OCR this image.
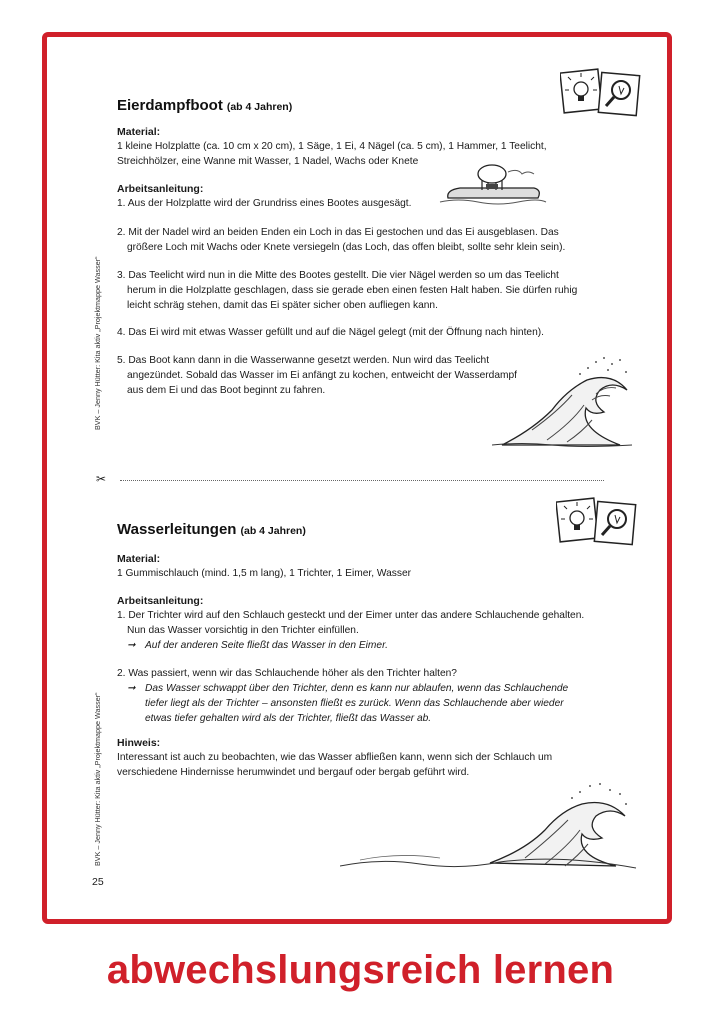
Eierdampfboot (ab 4 Jahren)
Material:
1 kleine Holzplatte (ca. 10 cm x 20 cm), 1 Säge, 1 Ei, 4 Nägel (ca. 5 cm), 1 Hammer, 1 Teelicht,
Streichhölzer, eine Wanne mit Wasser, 1 Nadel, Wachs oder Knete
Arbeitsanleitung:
1. Aus der Holzplatte wird der Grundriss eines Bootes ausgesägt.
2. Mit der Nadel wird an beiden Enden ein Loch in das Ei gestochen und das Ei ausgeblasen. Das
größere Loch mit Wachs oder Knete versiegeln (das Loch, das offen bleibt, sollte sehr klein sein).
3. Das Teelicht wird nun in die Mitte des Bootes gestellt. Die vier Nägel werden so um das Teelicht
herum in die Holzplatte geschlagen, dass sie gerade eben einen festen Halt haben. Sie dürfen ruhig
leicht schräg stehen, damit das Ei später sicher oben aufliegen kann.
4. Das Ei wird mit etwas Wasser gefüllt und auf die Nägel gelegt (mit der Öffnung nach hinten).
5. Das Boot kann dann in die Wasserwanne gesetzt werden. Nun wird das Teelicht
angezündet. Sobald das Wasser im Ei anfängt zu kochen, entweicht der Wasserdampf
aus dem Ei und das Boot beginnt zu fahren.
BVK – Jenny Hütter: Kita aktiv „Projektmappe Wasser“
✂
Wasserleitungen (ab 4 Jahren)
Material:
1 Gummischlauch (mind. 1,5 m lang), 1 Trichter, 1 Eimer, Wasser
Arbeitsanleitung:
1. Der Trichter wird auf den Schlauch gesteckt und der Eimer unter das andere Schlauchende gehalten.
Nun das Wasser vorsichtig in den Trichter einfüllen.
➞ Auf der anderen Seite fließt das Wasser in den Eimer.
2. Was passiert, wenn wir das Schlauchende höher als den Trichter halten?
➞ Das Wasser schwappt über den Trichter, denn es kann nur ablaufen, wenn das Schlauchende
tiefer liegt als der Trichter – ansonsten fließt es zurück. Wenn das Schlauchende aber wieder
etwas tiefer gehalten wird als der Trichter, fließt das Wasser ab.
Hinweis:
Interessant ist auch zu beobachten, wie das Wasser abfließen kann, wenn sich der Schlauch um
verschiedene Hindernisse herumwindet und bergauf oder bergab geführt wird.
BVK – Jenny Hütter: Kita aktiv „Projektmappe Wasser“
25
abwechslungsreich lernen
